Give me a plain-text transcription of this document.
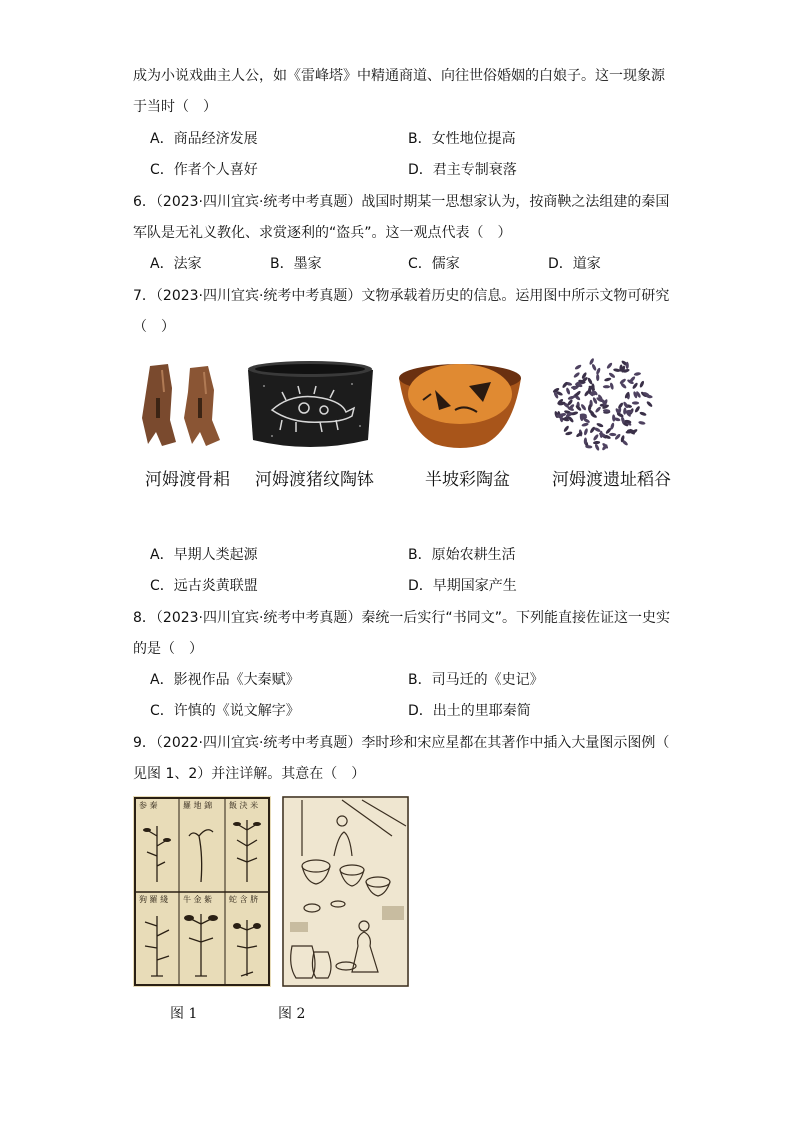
成为小说戏曲主人公，如《雷峰塔》中精通商道、向往世俗婚姻的白娘子。这一现象源
于当时（　）
A．商品经济发展	B．女性地位提高
C．作者个人喜好	D．君主专制衰落
6．（2023·四川宜宾·统考中考真题）战国时期某一思想家认为，按商鞅之法组建的秦国
军队是无礼义教化、求赏逐利的“盗兵”。这一观点代表（　）
A．法家	B．墨家	C．儒家	D．道家
7．（2023·四川宜宾·统考中考真题）文物承载着历史的信息。运用图中所示文物可研究
（　）
河姆渡骨耜 河姆渡猪纹陶钵	半坡彩陶盆 河姆渡遗址稻谷
A．早期人类起源	B．原始农耕生活
C．远古炎黄联盟	D．早期国家产生
8．（2023·四川宜宾·统考中考真题）秦统一后实行“书同文”。下列能直接佐证这一史实
的是（　）
A．影视作品《大秦赋》	B．司马迁的《史记》
C．许慎的《说文解字》	D．出土的里耶秦简
9．（2022·四川宜宾·统考中考真题）李时珍和宋应星都在其著作中插入大量图示图例（
见图 1、2）并注详解。其意在（　）
参 秦	羅 地 錦 飯 決 米
狗 羅 綫 牛 金 紫 蛇 含 脐
图 1	图 2
